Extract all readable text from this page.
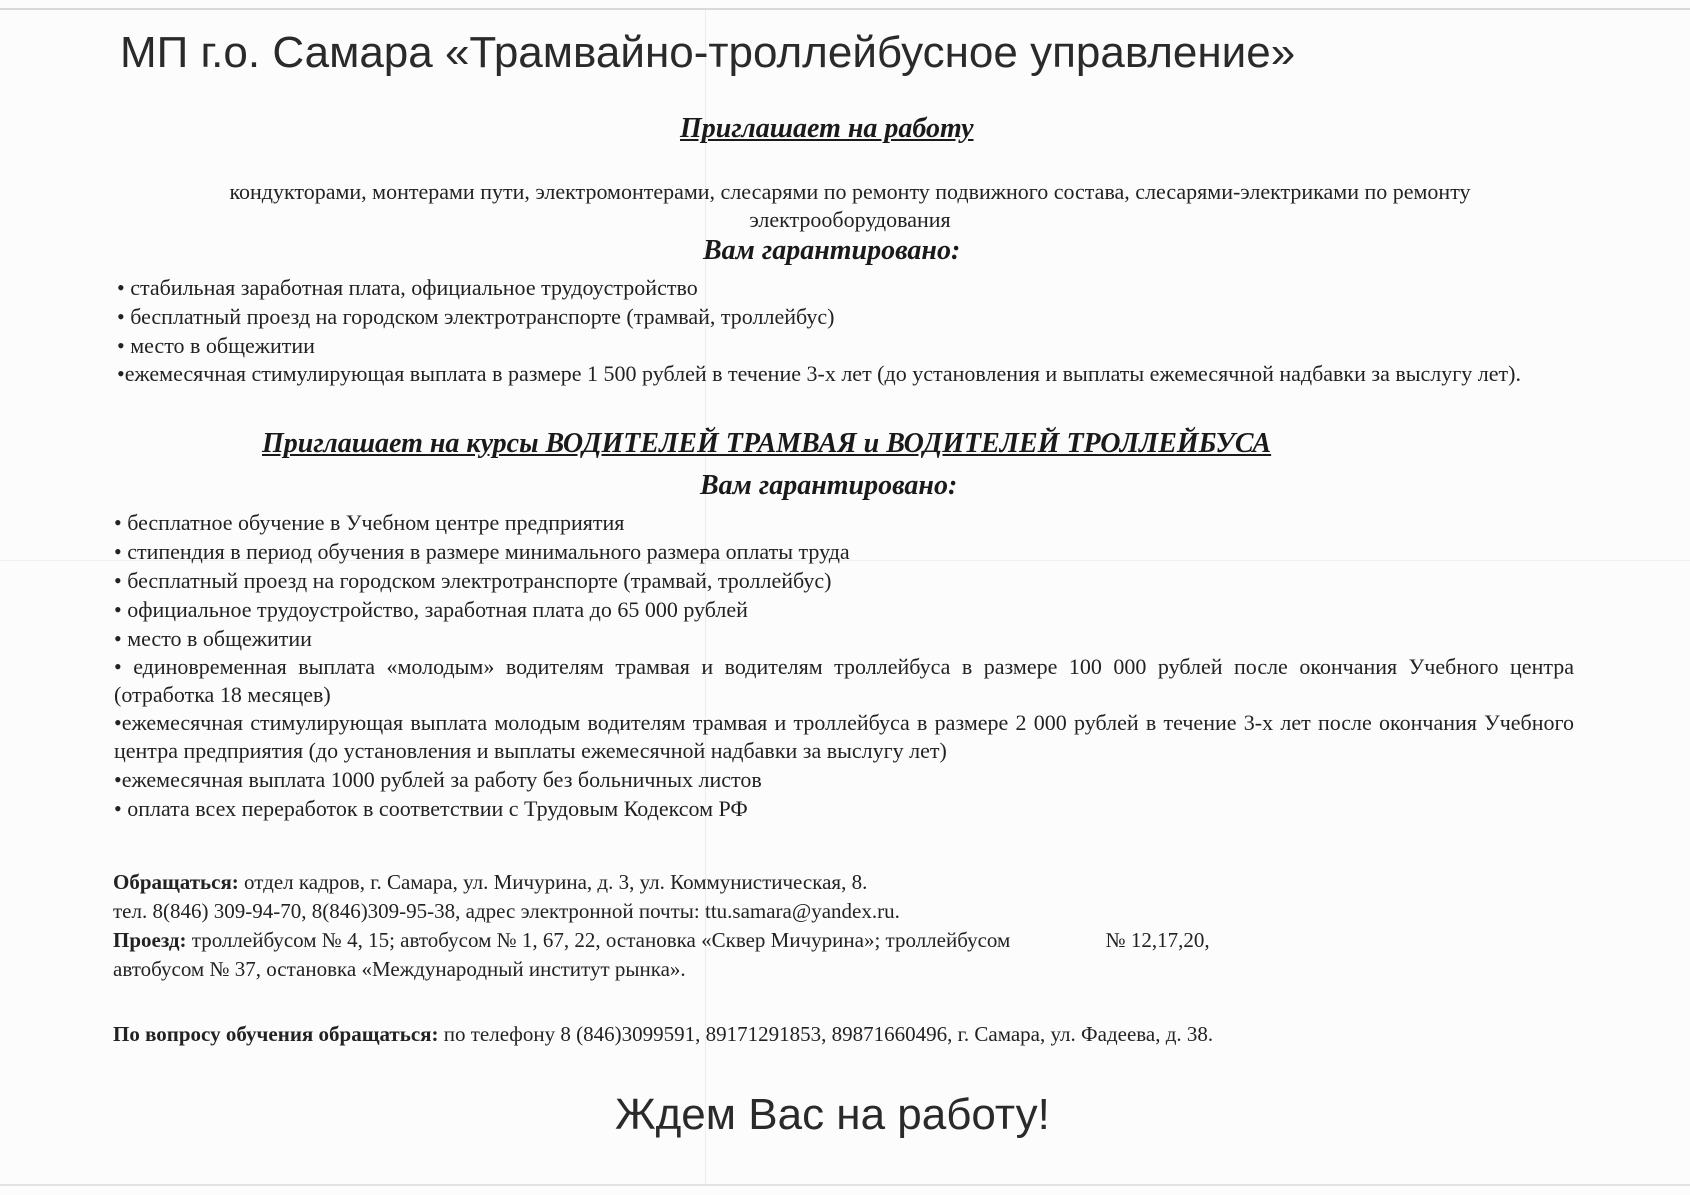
МП г.о. Самара «Трамвайно-троллейбусное управление»
Приглашает на работу
кондукторами, монтерами пути, электромонтерами, слесарями по ремонту подвижного состава, слесарями-электриками по ремонту электрооборудования
Вам гарантировано:
• стабильная заработная плата, официальное трудоустройство
• бесплатный проезд на городском электротранспорте (трамвай, троллейбус)
• место в общежитии
•ежемесячная стимулирующая выплата в размере 1 500 рублей в течение 3-х лет (до установления и выплаты ежемесячной надбавки за выслугу лет).
Приглашает на курсы ВОДИТЕЛЕЙ ТРАМВАЯ и ВОДИТЕЛЕЙ ТРОЛЛЕЙБУСА
Вам гарантировано:
• бесплатное обучение в Учебном центре предприятия
• стипендия в период обучения в размере минимального размера оплаты труда
• бесплатный проезд на городском электротранспорте (трамвай, троллейбус)
• официальное трудоустройство, заработная плата до 65 000 рублей
• место в общежитии
• единовременная выплата «молодым» водителям трамвая и водителям троллейбуса в размере 100 000 рублей после окончания Учебного центра (отработка 18 месяцев)
•ежемесячная стимулирующая выплата молодым водителям трамвая и троллейбуса в размере 2 000 рублей в течение 3-х лет после окончания Учебного центра предприятия (до установления и выплаты ежемесячной надбавки за выслугу лет)
•ежемесячная выплата 1000 рублей за работу без больничных листов
• оплата всех переработок в соответствии с Трудовым Кодексом РФ
Обращаться: отдел кадров, г. Самара, ул. Мичурина, д. 3, ул. Коммунистическая, 8.
тел. 8(846) 309-94-70, 8(846)309-95-38, адрес электронной почты: ttu.samara@yandex.ru.
Проезд: троллейбусом № 4, 15; автобусом № 1, 67, 22, остановка «Сквер Мичурина»; троллейбусом	№ 12,17,20,
автобусом № 37, остановка «Международный институт рынка».
По вопросу обучения обращаться: по телефону 8 (846)3099591, 89171291853, 89871660496, г. Самара, ул. Фадеева, д. 38.
Ждем Вас на работу!
